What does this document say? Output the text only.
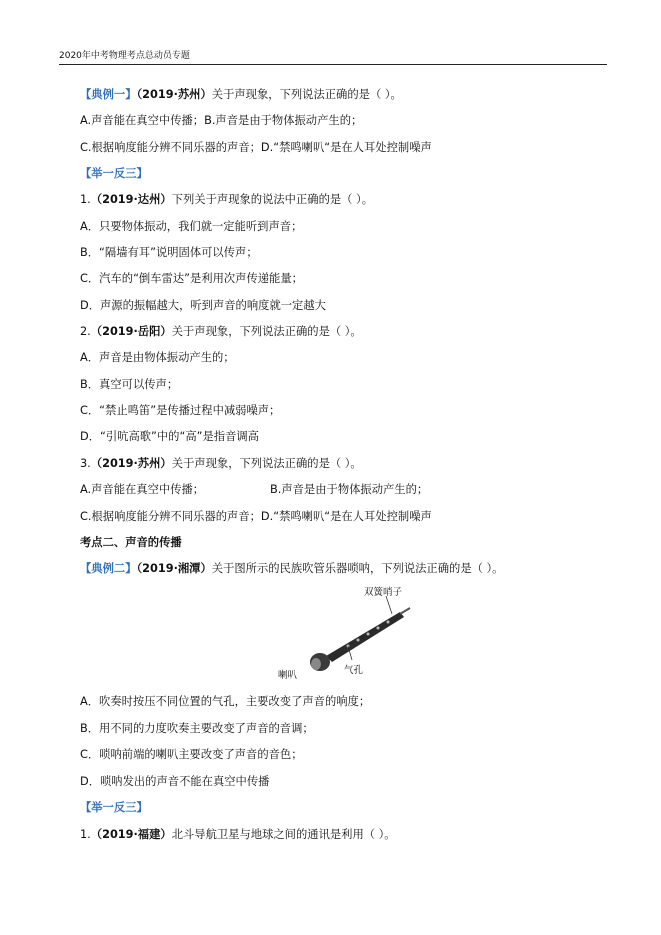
2020年中考物理考点总动员专题
【典例一】（2019·苏州）关于声现象，下列说法正确的是（ ）。
A.声音能在真空中传播；B.声音是由于物体振动产生的；
C.根据响度能分辨不同乐器的声音；D.“禁鸣喇叭“是在人耳处控制噪声
【举一反三】
1.（2019·达州）下列关于声现象的说法中正确的是（ ）。
A．只要物体振动，我们就一定能听到声音；
B．“隔墙有耳”说明固体可以传声；
C．汽车的“倒车雷达”是利用次声传递能量；
D．声源的振幅越大，听到声音的响度就一定越大
2.（2019·岳阳）关于声现象，下列说法正确的是（ ）。
A．声音是由物体振动产生的；
B．真空可以传声；
C．“禁止鸣笛”是传播过程中减弱噪声；
D．“引吭高歌”中的“高”是指音调高
3.（2019·苏州）关于声现象，下列说法正确的是（ ）。
A.声音能在真空中传播；	B.声音是由于物体振动产生的；
C.根据响度能分辨不同乐器的声音；D.“禁鸣喇叭“是在人耳处控制噪声
考点二、声音的传播
【典例二】（2019·湘潭）关于图所示的民族吹管乐器唢呐，下列说法正确的是（ ）。
双簧哨子
喇叭	气孔
A．吹奏时按压不同位置的气孔，主要改变了声音的响度；
B．用不同的力度吹奏主要改变了声音的音调；
C．唢呐前端的喇叭主要改变了声音的音色；
D．唢呐发出的声音不能在真空中传播
【举一反三】
1.（2019·福建）北斗导航卫星与地球之间的通讯是利用（ ）。
